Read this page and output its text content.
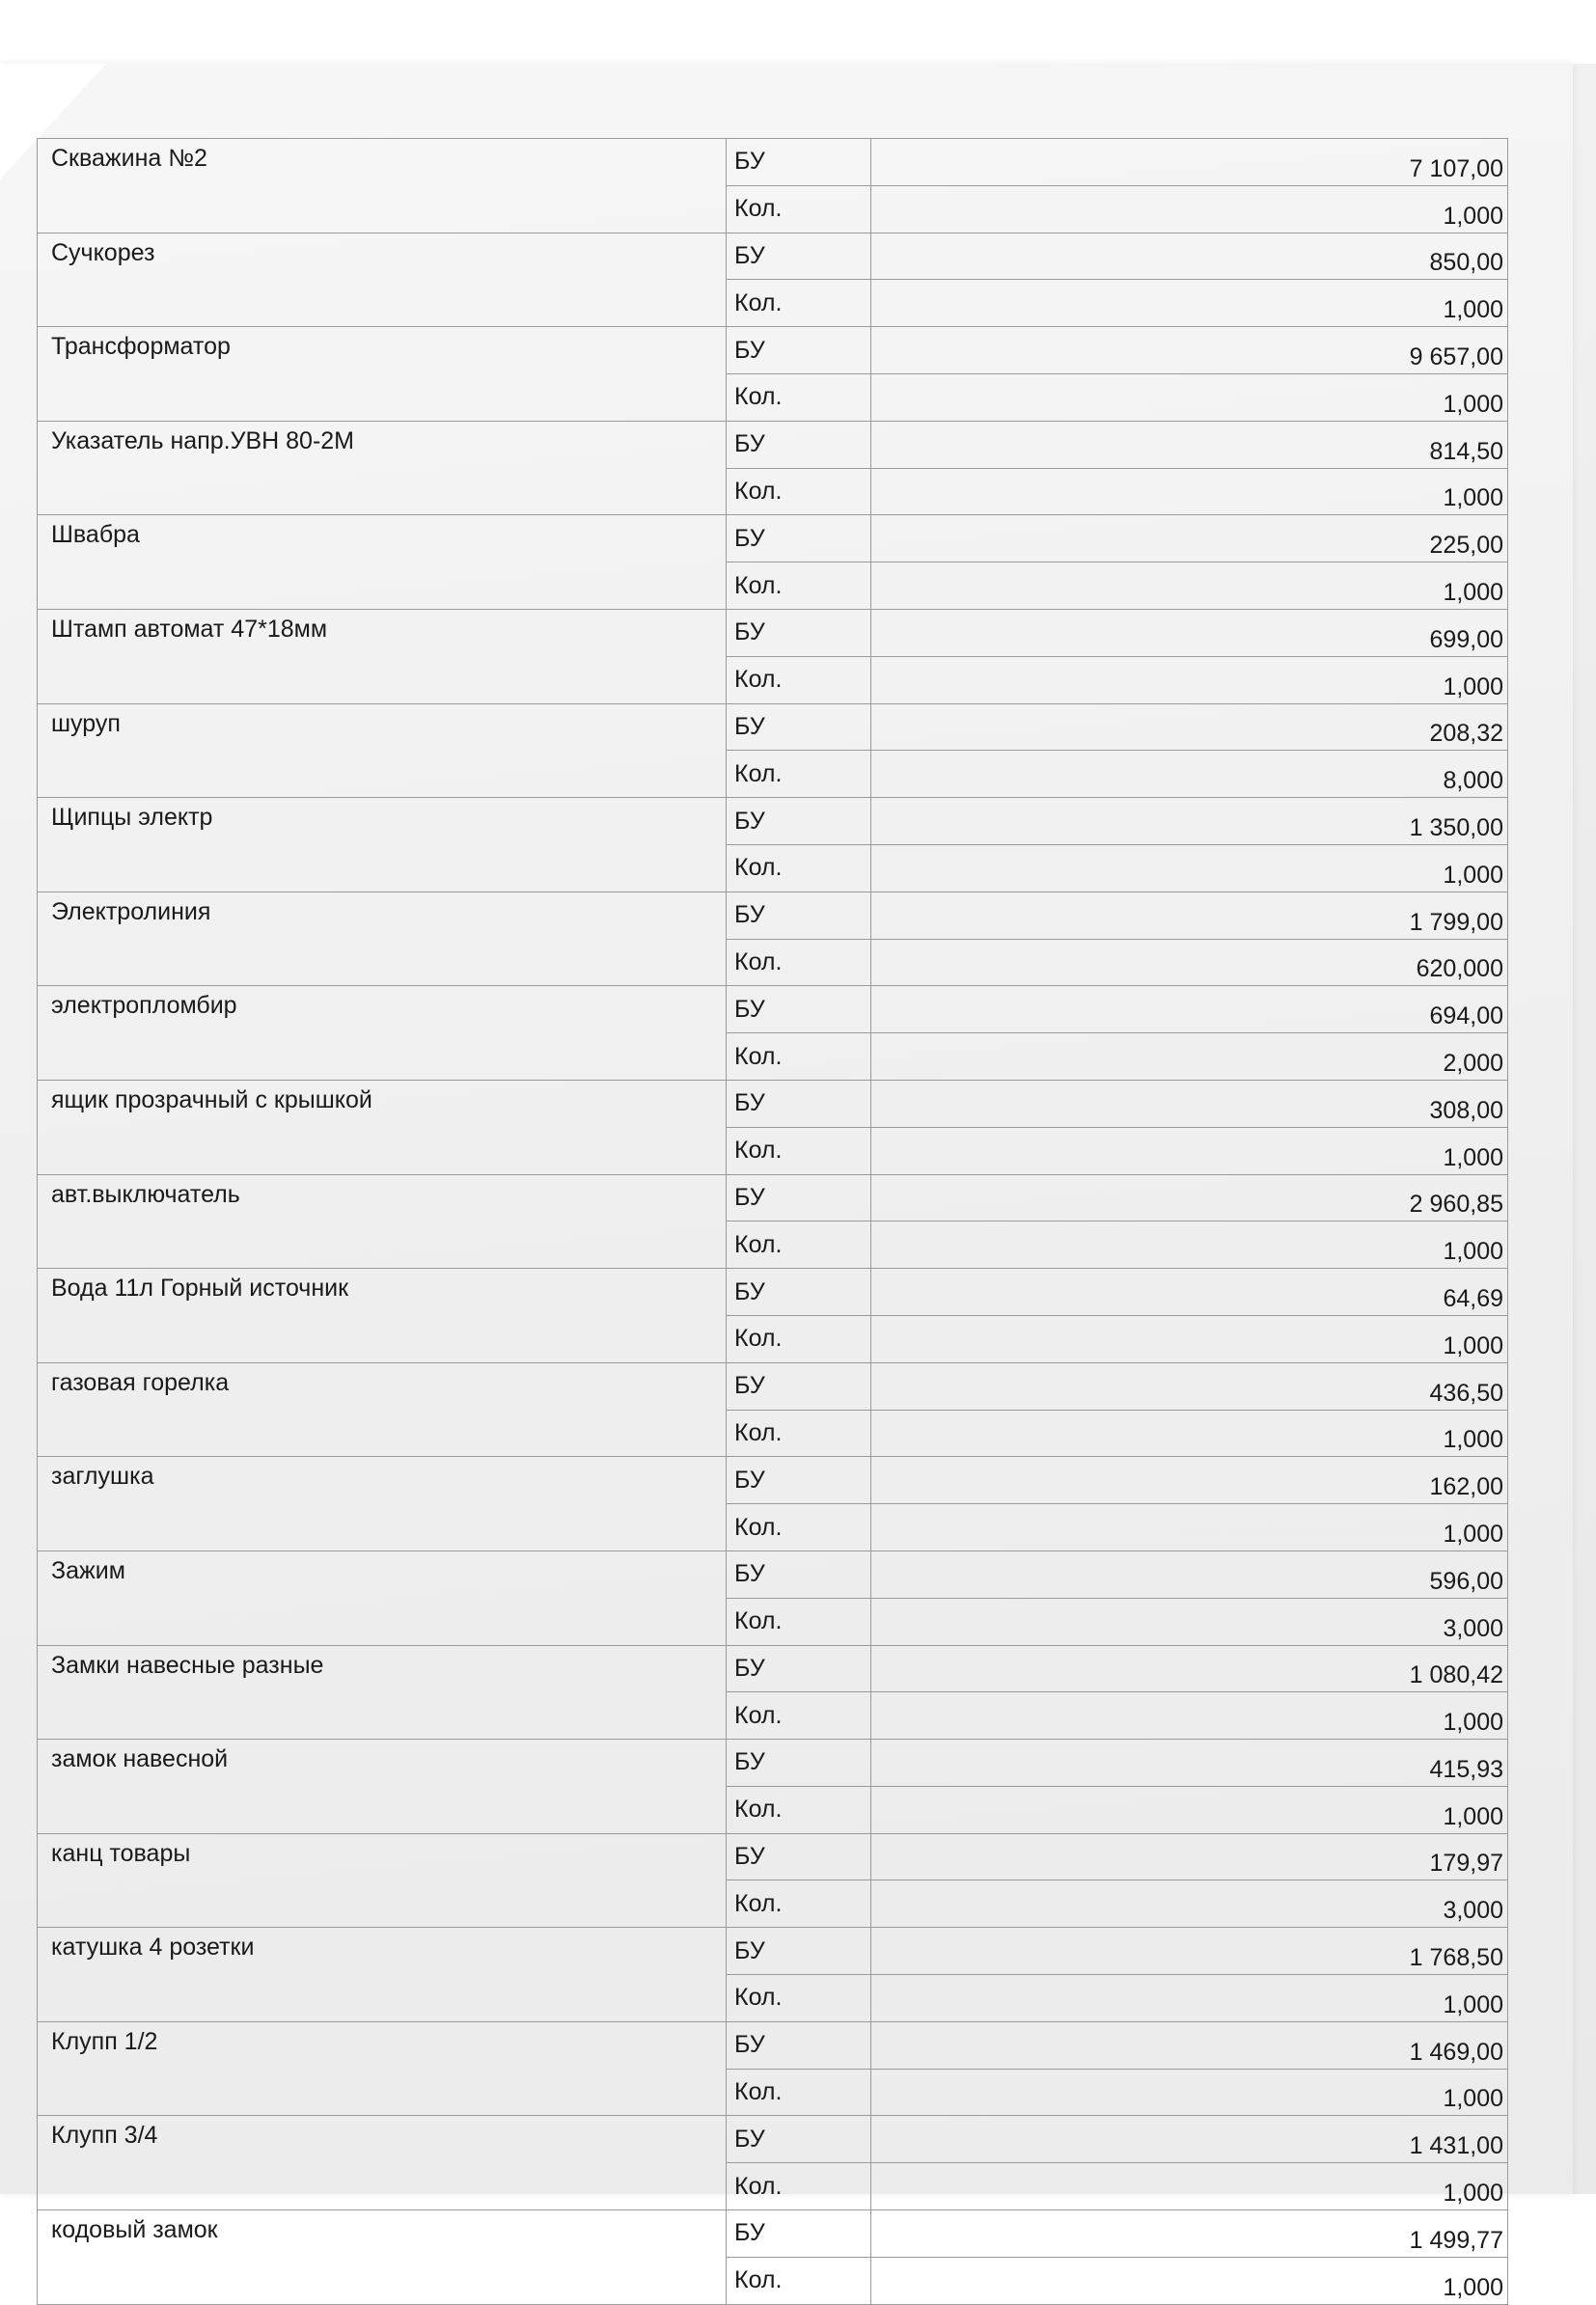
Скважина №2	БУ	7 107,00
	Кол.	1,000
Сучкорез	БУ	850,00
	Кол.	1,000
Трансформатор	БУ	9 657,00
	Кол.	1,000
Указатель напр.УВН 80-2М	БУ	814,50
	Кол.	1,000
Швабра	БУ	225,00
	Кол.	1,000
Штамп автомат 47*18мм	БУ	699,00
	Кол.	1,000
шуруп	БУ	208,32
	Кол.	8,000
Щипцы электр	БУ	1 350,00
	Кол.	1,000
Электролиния	БУ	1 799,00
	Кол.	620,000
электропломбир	БУ	694,00
	Кол.	2,000
ящик прозрачный с крышкой	БУ	308,00
	Кол.	1,000
авт.выключатель	БУ	2 960,85
	Кол.	1,000
Вода 11л Горный источник	БУ	64,69
	Кол.	1,000
газовая горелка	БУ	436,50
	Кол.	1,000
заглушка	БУ	162,00
	Кол.	1,000
Зажим	БУ	596,00
	Кол.	3,000
Замки навесные разные	БУ	1 080,42
	Кол.	1,000
замок навесной	БУ	415,93
	Кол.	1,000
канц товары	БУ	179,97
	Кол.	3,000
катушка 4 розетки	БУ	1 768,50
	Кол.	1,000
Клупп 1/2	БУ	1 469,00
	Кол.	1,000
Клупп 3/4	БУ	1 431,00
	Кол.	1,000
кодовый замок	БУ	1 499,77
	Кол.	1,000
